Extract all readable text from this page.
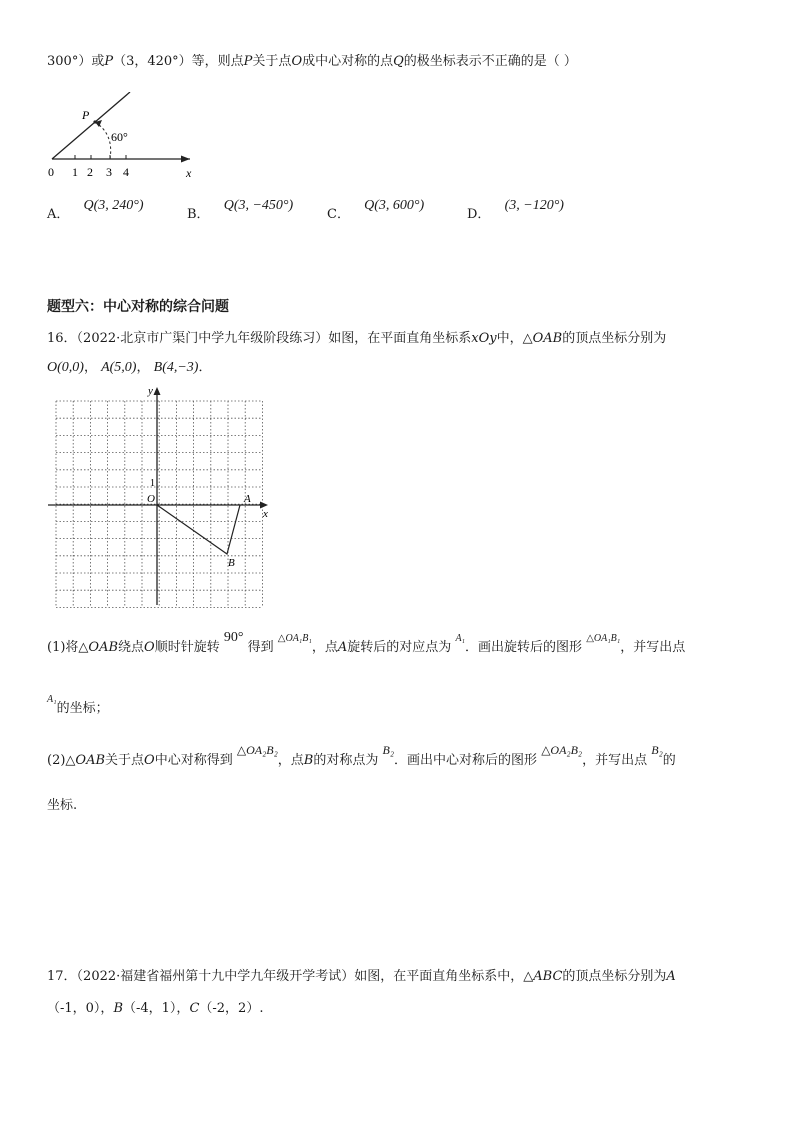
300°）或P（3，420°）等，则点P关于点O成中心对称的点Q的极坐标表示不正确的是（ ）
P
60°
x
0 1 2 3 4
A． Q(3, 240°)
B． Q(3, −450°)
C． Q(3, 600°)
D． (3, −120°)
题型六：中心对称的综合问题
16．（2022·北京市广渠门中学九年级阶段练习）如图，在平面直角坐标系xOy中，△OAB的顶点坐标分别为
O(0,0)， A(5,0)， B(4,−3)．
y
x
O
1
A
B
(1)将△OAB绕点O顺时针旋转 90° 得到 $^{\triangle OA_1B_1}$，点A旋转后的对应点为 $^{A_1}$．画出旋转后的图形 $^{\triangle OA_1B_1}$，并写出点
$^{A_1}$的坐标；
(2)△OAB关于点O中心对称得到 △OA₂B₂，点B的对称点为 B₂．画出中心对称后的图形 △OA₂B₂，并写出点 B₂的
坐标.
17．（2022·福建省福州第十九中学九年级开学考试）如图，在平面直角坐标系中，△ABC的顶点坐标分别为A
（-1，0），B（-4，1），C（-2，2）.
